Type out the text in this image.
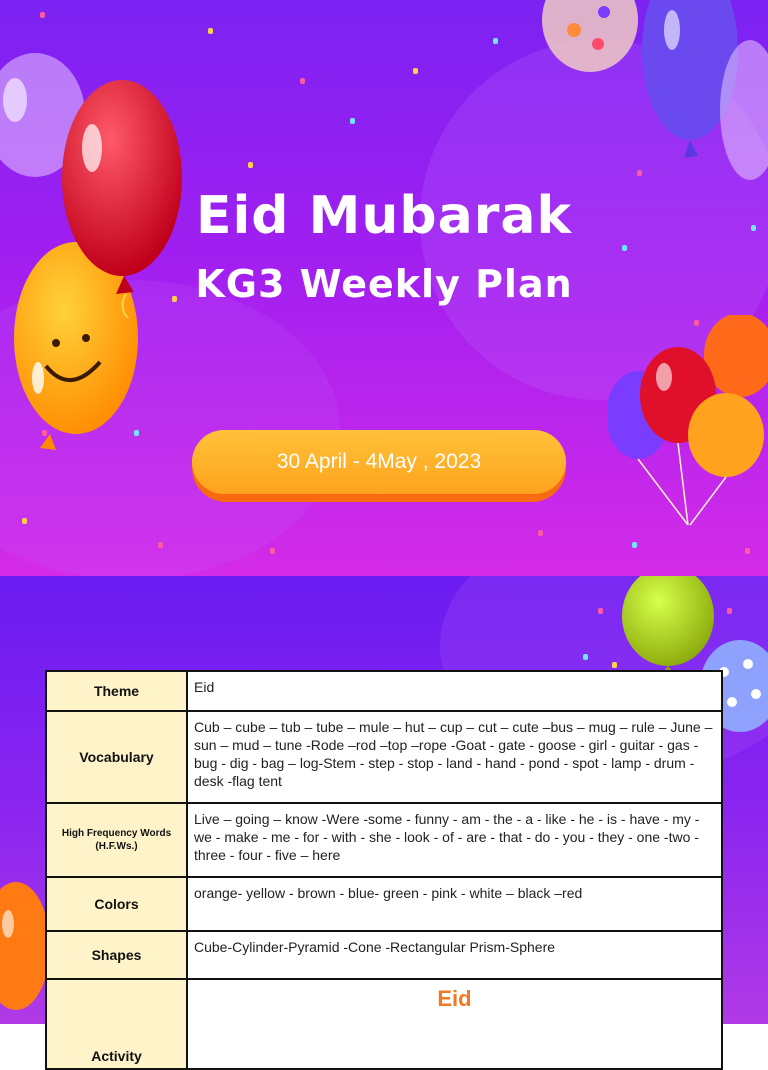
Eid Mubarak
KG3 Weekly Plan
30 April - 4May , 2023
Theme	Eid
Vocabulary	Cub – cube – tub – tube – mule – hut – cup – cut – cute –bus – mug – rule – June – sun – mud – tune -Rode –rod –top –rope -Goat - gate - goose - girl - guitar - gas - bug - dig - bag – log-Stem - step - stop - land - hand - pond - spot - lamp - drum - desk -flag tent
High Frequency Words (H.F.Ws.)	Live – going – know -Were -some - funny - am - the - a - like - he - is - have - my - we - make - me - for - with - she - look - of - are - that - do - you - they - one -two - three - four - five – here
Colors	orange- yellow - brown - blue- green - pink - white – black –red
Shapes	Cube-Cylinder-Pyramid -Cone -Rectangular Prism-Sphere
Activity	Eid
